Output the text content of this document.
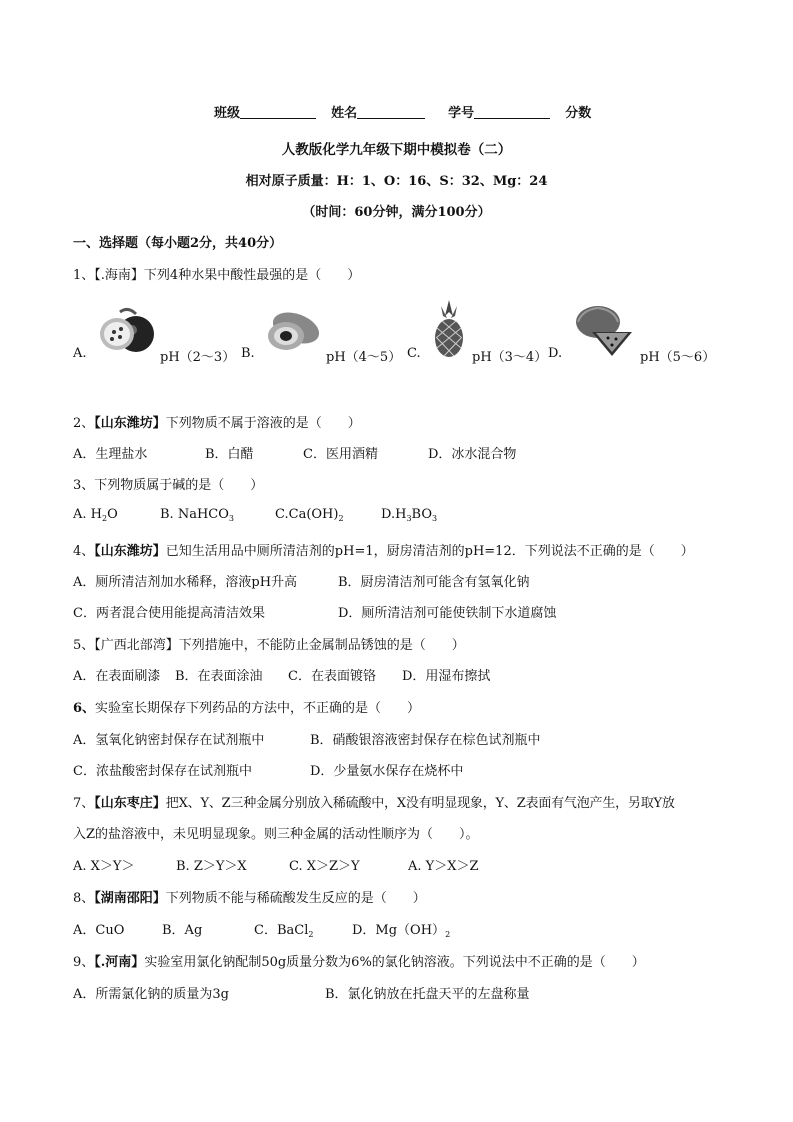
班级	姓名	学号	分数
人教版化学九年级下期中模拟卷（二）
相对原子质量：H：1、O：16、S：32、Mg：24
（时间：60分钟，满分100分）
一、选择题（每小题2分，共40分）
1、【.海南】下列4种水果中酸性最强的是（　　）
A.	pH（2～3） B.	pH（4～5） C.	pH（3～4） D.	pH（5～6）
2、【山东潍坊】下列物质不属于溶液的是（　　）
A．生理盐水	B．白醋	C．医用酒精	D．冰水混合物
3、下列物质属于碱的是（　　）
A. $H_2O$	B. NaHCO$_3$	$C.Ca(OH)_2$	$D.H_3BO_3$
4、【山东潍坊】已知生活用品中厕所清洁剂的pH=1，厨房清洁剂的pH=12．下列说法不正确的是（　　）
A．厕所清洁剂加水稀释，溶液pH升高	B．厨房清洁剂可能含有氢氧化钠
C．两者混合使用能提高清洁效果	D．厕所清洁剂可能使铁制下水道腐蚀
5、【广西北部湾】下列措施中，不能防止金属制品锈蚀的是（　　）
A．在表面刷漆 B．在表面涂油 C．在表面镀铬 D．用湿布擦拭
6、实验室长期保存下列药品的方法中，不正确的是（　　）
A．氢氧化钠密封保存在试剂瓶中	B．硝酸银溶液密封保存在棕色试剂瓶中
C．浓盐酸密封保存在试剂瓶中	D．少量氨水保存在烧杯中
7、【山东枣庄】把X、Y、Z三种金属分别放入稀硫酸中，X没有明显现象，Y、Z表面有气泡产生，另取Y放
入Z的盐溶液中，未见明显现象。则三种金属的活动性顺序为（　　）。
A. X＞Y＞	B. Z＞Y＞X	C. X＞Z＞Y	A. Y＞X＞Z
8、【湖南邵阳】下列物质不能与稀硫酸发生反应的是（　　）
A．CuO	B．Ag	C．BaCl$_2$	D．$Mg(OH)_2$
9、【.河南】实验室用氯化钠配制50g质量分数为6%的氯化钠溶液。下列说法中不正确的是（　　）
A．所需氯化钠的质量为3g	B．氯化钠放在托盘天平的左盘称量
